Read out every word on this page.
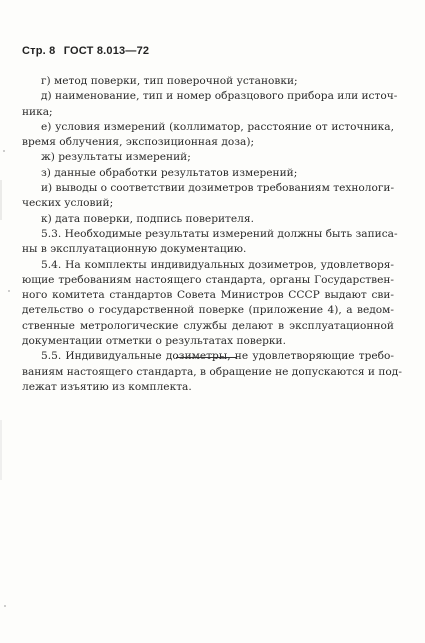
Стр. 8 ГОСТ 8.013—72
г) метод поверки, тип поверочной установки;
д) наименование, тип и номер образцового прибора или источ-
ника;
е) условия измерений (коллиматор, расстояние от источника,
время облучения, экспозиционная доза);
ж) результаты измерений;
з) данные обработки результатов измерений;
и) выводы о соответствии дозиметров требованиям технологи-
ческих условий;
к) дата поверки, подпись поверителя.
5.3. Необходимые результаты измерений должны быть записа-
ны в эксплуатационную документацию.
5.4. На комплекты индивидуальных дозиметров, удовлетворя-
ющие требованиям настоящего стандарта, органы Государствен-
ного комитета стандартов Совета Министров СССР выдают сви-
детельство о государственной поверке (приложение 4), а ведом-
ственные метрологические службы делают в эксплуатационной
документации отметки о результатах поверки.
5.5. Индивидуальные дозиметры, не удовлетворяющие требо-
ваниям настоящего стандарта, в обращение не допускаются и под-
лежат изъятию из комплекта.
